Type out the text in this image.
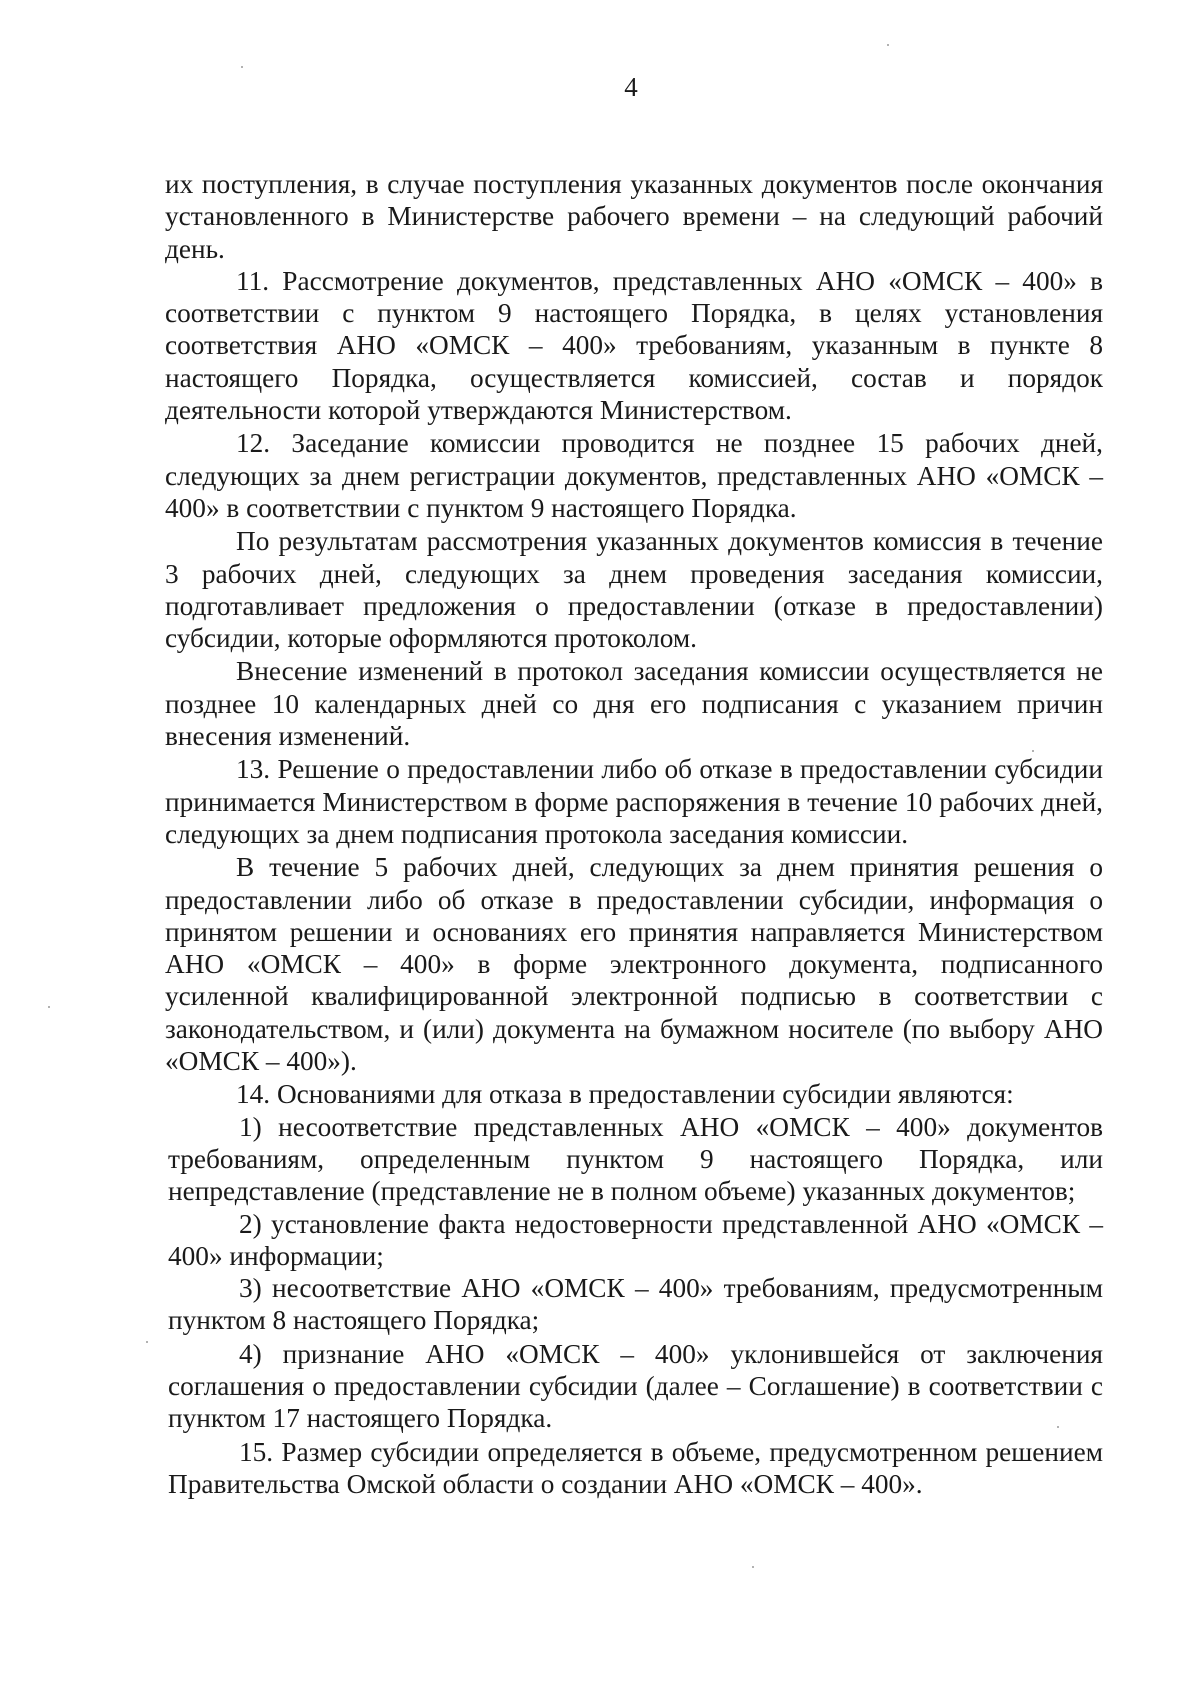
4

их поступления, в случае поступления указанных документов после окончания установленного в Министерстве рабочего времени – на следующий рабочий день.

11. Рассмотрение документов, представленных АНО «ОМСК – 400» в соответствии с пунктом 9 настоящего Порядка, в целях установления соответствия АНО «ОМСК – 400» требованиям, указанным в пункте 8 настоящего Порядка, осуществляется комиссией, состав и порядок деятельности которой утверждаются Министерством.

12. Заседание комиссии проводится не позднее 15 рабочих дней, следующих за днем регистрации документов, представленных АНО «ОМСК – 400» в соответствии с пунктом 9 настоящего Порядка.

По результатам рассмотрения указанных документов комиссия в течение 3 рабочих дней, следующих за днем проведения заседания комиссии, подготавливает предложения о предоставлении (отказе в предоставлении) субсидии, которые оформляются протоколом.

Внесение изменений в протокол заседания комиссии осуществляется не позднее 10 календарных дней со дня его подписания с указанием причин внесения изменений.

13. Решение о предоставлении либо об отказе в предоставлении субсидии принимается Министерством в форме распоряжения в течение 10 рабочих дней, следующих за днем подписания протокола заседания комиссии.

В течение 5 рабочих дней, следующих за днем принятия решения о предоставлении либо об отказе в предоставлении субсидии, информация о принятом решении и основаниях его принятия направляется Министерством АНО «ОМСК – 400» в форме электронного документа, подписанного усиленной квалифицированной электронной подписью в соответствии с законодательством, и (или) документа на бумажном носителе (по выбору АНО «ОМСК – 400»).

14. Основаниями для отказа в предоставлении субсидии являются:

1) несоответствие представленных АНО «ОМСК – 400» документов требованиям, определенным пунктом 9 настоящего Порядка, или непредставление (представление не в полном объеме) указанных документов;

2) установление факта недостоверности представленной АНО «ОМСК – 400» информации;

3) несоответствие АНО «ОМСК – 400» требованиям, предусмотренным пунктом 8 настоящего Порядка;

4) признание АНО «ОМСК – 400» уклонившейся от заключения соглашения о предоставлении субсидии (далее – Соглашение) в соответствии с пунктом 17 настоящего Порядка.

15. Размер субсидии определяется в объеме, предусмотренном решением Правительства Омской области о создании АНО «ОМСК – 400».
